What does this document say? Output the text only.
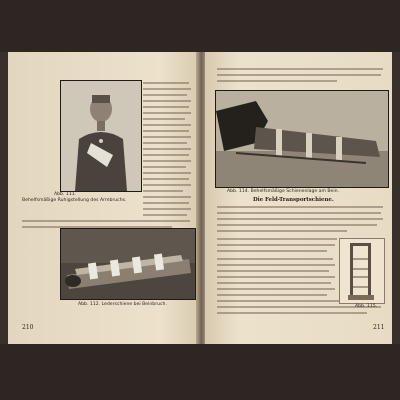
Abb. 111.
Behelfsmäßige Ruhigstellung des Armbruchs.
Abb. 112. Lederschiene bei Beinbruch.
210
Abb. 114. Behelfsmäßige Schienenlage am Bein.
Die Feld-Transportschiene.
Abb. 115.
211
